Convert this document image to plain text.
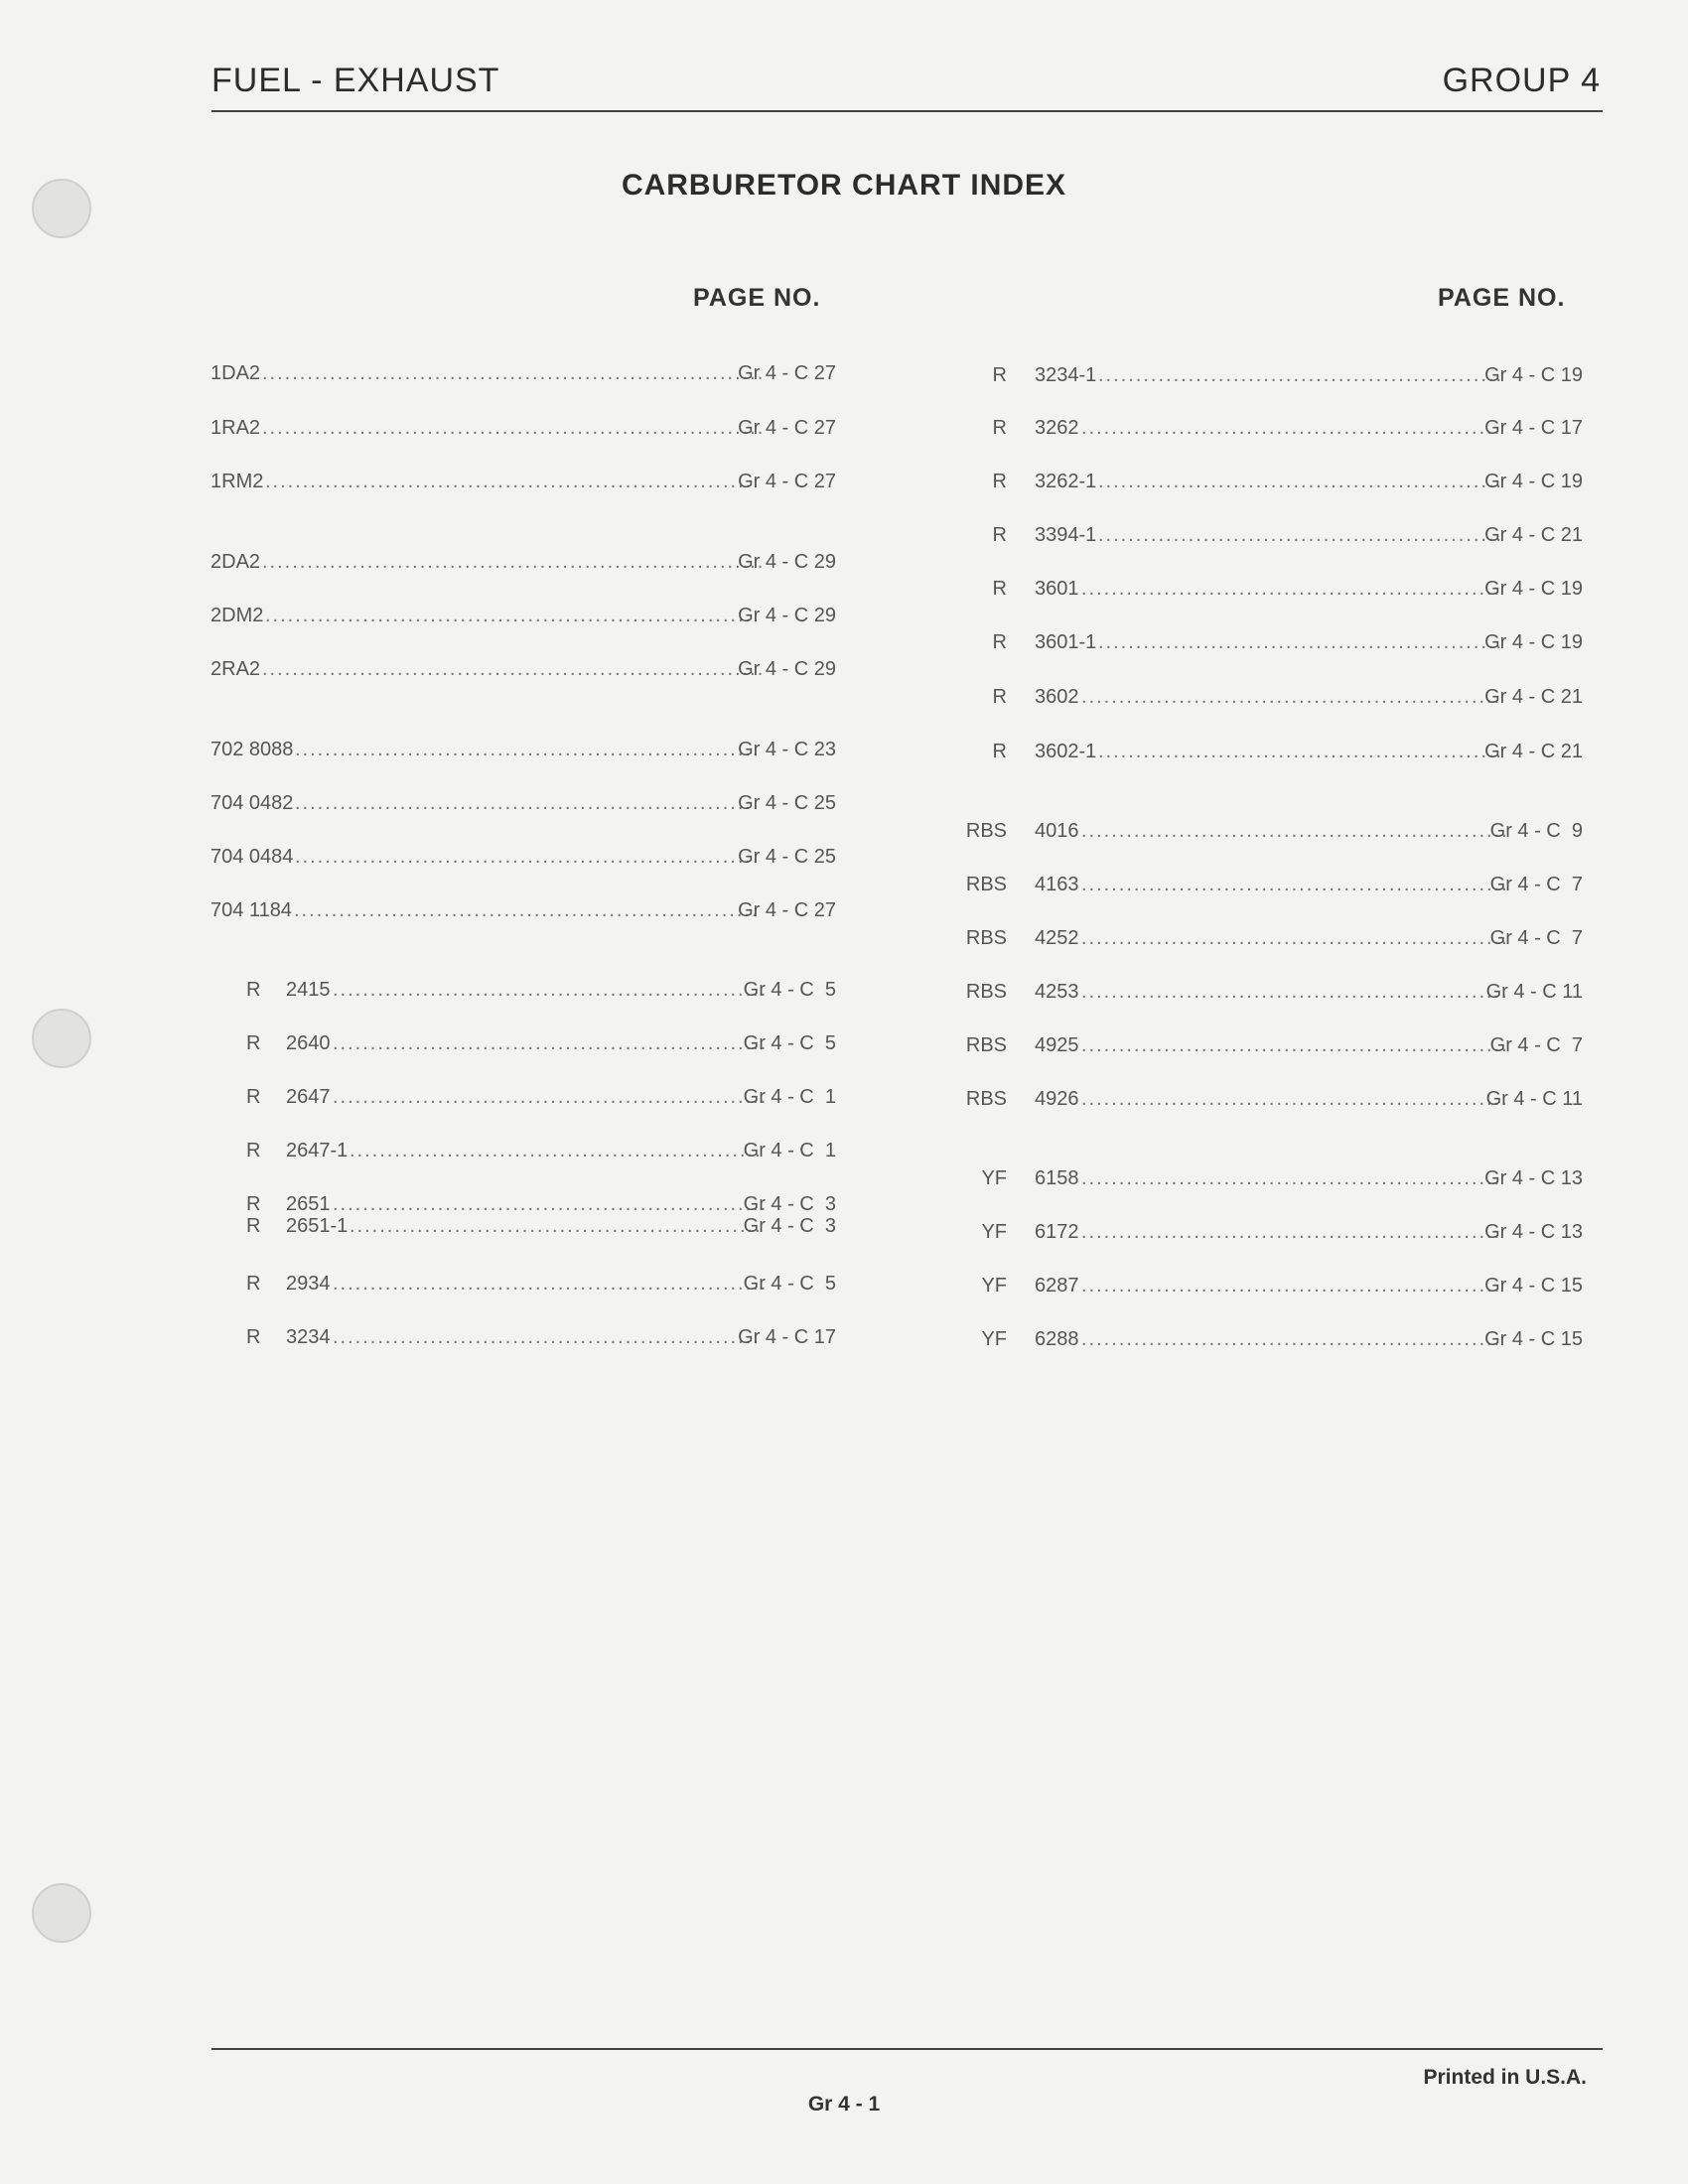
FUEL - EXHAUST	GROUP 4
CARBURETOR CHART INDEX
PAGE NO.	PAGE NO.
1DA2 ...................................................................
Gr 4 - C 27
1RA2 ...................................................................
Gr 4 - C 27
1RM2 ..................................................................
Gr 4 - C 27
2DA2 ...................................................................
Gr 4 - C 29
2DM2 ..................................................................
Gr 4 - C 29
2RA2 ...................................................................
Gr 4 - C 29
702 8088 ..............................................................
Gr 4 - C 23
704 0482 ..............................................................
Gr 4 - C 25
704 0484 ..............................................................
Gr 4 - C 25
704 1184 ..............................................................
Gr 4 - C 27
R 2415 ..........................................................
Gr 4 - C  5
R 2640 ..........................................................
Gr 4 - C  5
R 2647 ..........................................................
Gr 4 - C  1
R 2647-1 .......................................................
Gr 4 - C  1
R 2651 ..........................................................
Gr 4 - C  3
R 2651-1 .......................................................
Gr 4 - C  3
R 2934 ..........................................................
Gr 4 - C  5
R 3234 .........................................................
Gr 4 - C 17
R 3234-1 ......................................................
Gr 4 - C 19
R 3262 ........................................................
Gr 4 - C 17
R 3262-1 ......................................................
Gr 4 - C 19
R 3394-1 ......................................................
Gr 4 - C 21
R 3601 ........................................................
Gr 4 - C 19
R 3601-1 ......................................................
Gr 4 - C 19
R 3602 ........................................................
Gr 4 - C 21
R 3602-1 ......................................................
Gr 4 - C 21
RBS 4016 .........................................................
Gr 4 - C  9
RBS 4163 .........................................................
Gr 4 - C  7
RBS 4252 .........................................................
Gr 4 - C  7
RBS 4253 .........................................................
Gr 4 - C 11
RBS 4925 .........................................................
Gr 4 - C  7
RBS 4926 .........................................................
Gr 4 - C 11
YF 6158 ........................................................
Gr 4 - C 13
YF 6172 ........................................................
Gr 4 - C 13
YF 6287 ........................................................
Gr 4 - C 15
YF 6288 ........................................................
Gr 4 - C 15
Printed in U.S.A.
Gr 4 - 1
